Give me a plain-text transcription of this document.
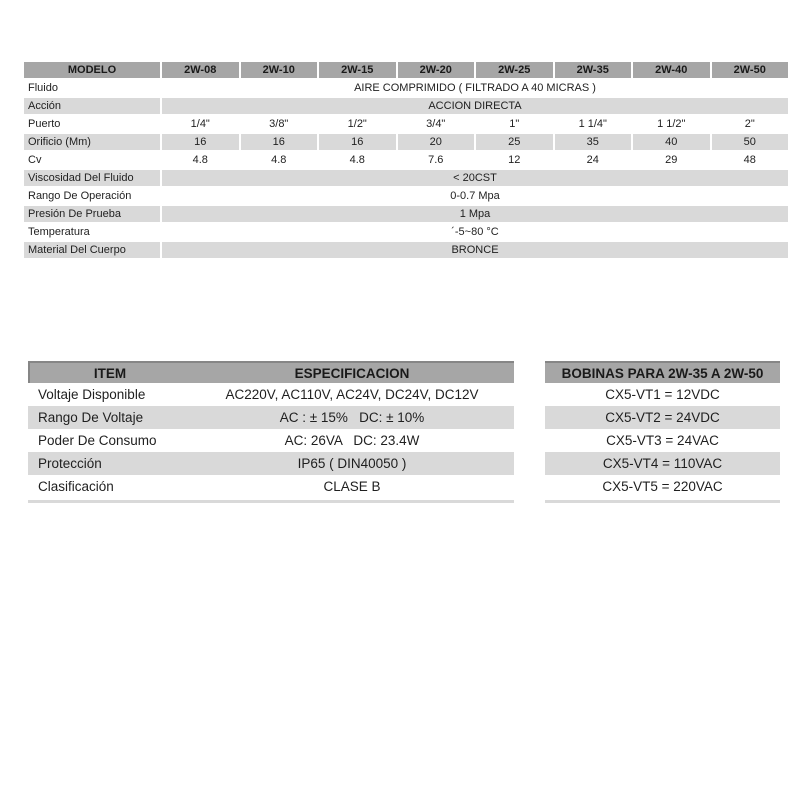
MODELO	2W-08	2W-10	2W-15	2W-20	2W-25	2W-35	2W-40	2W-50
Fluido	AIRE COMPRIMIDO ( FILTRADO A 40 MICRAS )							
Acción	ACCION DIRECTA							
Puerto	1/4"	3/8"	1/2"	3/4"	1"	1 1/4"	1 1/2"	2"
Orificio (Mm)	16	16	16	20	25	35	40	50
Cv	4.8	4.8	4.8	7.6	12	24	29	48
Viscosidad Del Fluido	< 20CST							
Rango De Operación	0-0.7 Mpa							
Presión De Prueba	1 Mpa							
Temperatura	´-5~80 °C							
Material Del Cuerpo	BRONCE							
ITEM	ESPECIFICACION
Voltaje Disponible	AC220V, AC110V, AC24V, DC24V, DC12V
Rango De Voltaje	AC : ± 15%   DC: ± 10%
Poder De Consumo	AC: 26VA   DC: 23.4W
Protección	IP65 ( DIN40050 )
Clasificación	CLASE B
BOBINAS PARA 2W-35 A 2W-50
CX5-VT1 = 12VDC
CX5-VT2 = 24VDC
CX5-VT3 = 24VAC
CX5-VT4 = 110VAC
CX5-VT5 = 220VAC
